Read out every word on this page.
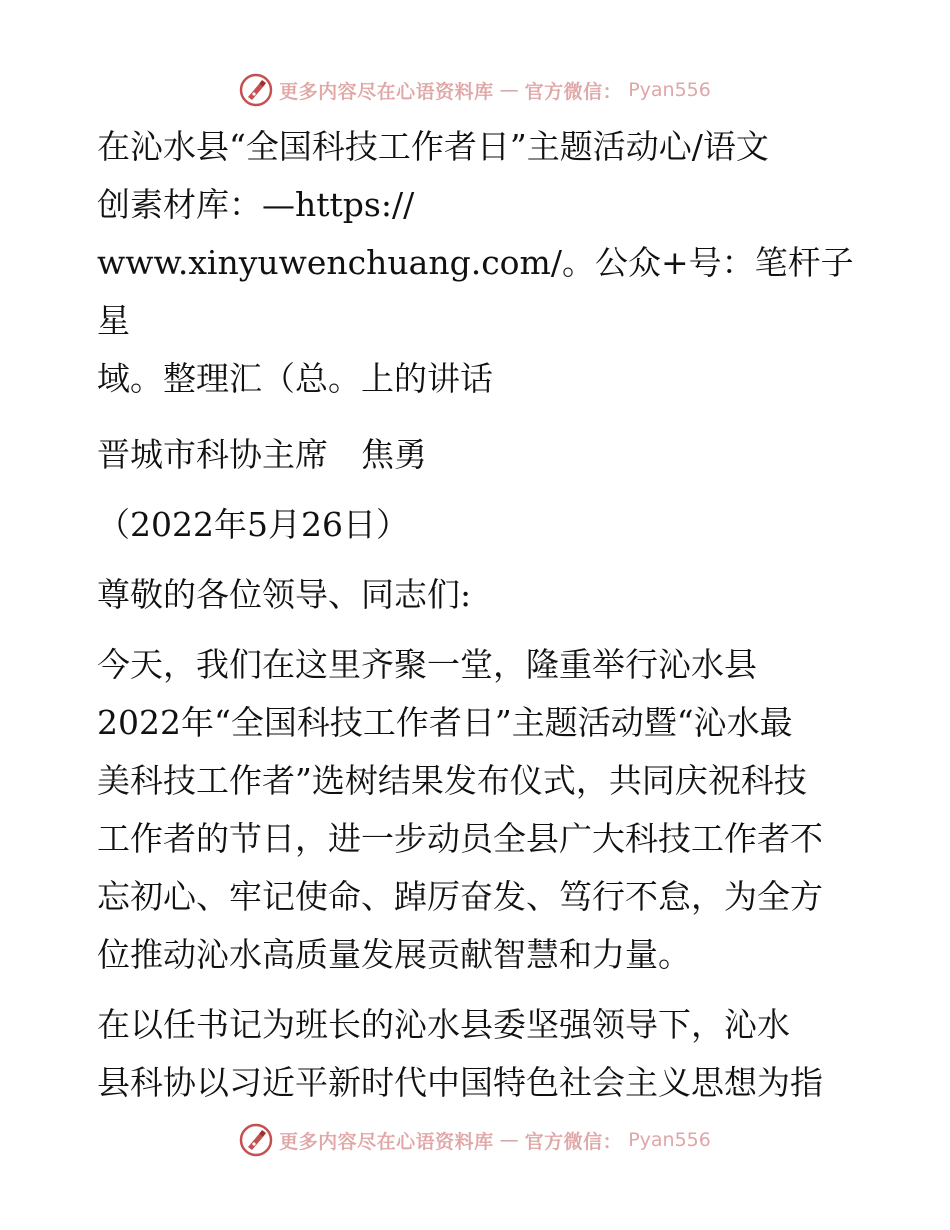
更多内容尽在心语资料库 — 官方微信： Pyan556

在沁水县“全国科技工作者日”主题活动心/语文

创素材库：—https://

www.xinyuwenchuang.com/。公众+号：笔杆子星

域。整理汇（总。上的讲话

晋城市科协主席　焦勇

（2022年5月26日）

尊敬的各位领导、同志们:

今天，我们在这里齐聚一堂，隆重举行沁水县

2022年“全国科技工作者日”主题活动暨“沁水最

美科技工作者”选树结果发布仪式，共同庆祝科技

工作者的节日，进一步动员全县广大科技工作者不

忘初心、牢记使命、踔厉奋发、笃行不怠，为全方

位推动沁水高质量发展贡献智慧和力量。

在以任书记为班长的沁水县委坚强领导下，沁水

县科协以习近平新时代中国特色社会主义思想为指

更多内容尽在心语资料库 — 官方微信： Pyan556
